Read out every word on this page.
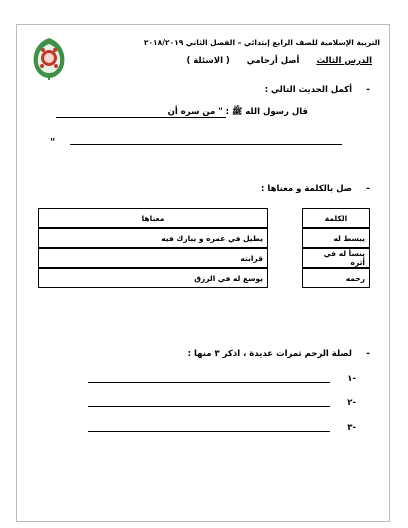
التربية الإسلامية للصف الرابع إبتدائي – الفصل الثاني ٢٠١٨/٢٠١٩
الدرس الثالث أصل أرحامي ( الاسئلة )
-
أكمل الحديث التالي :
قال رسول الله ﷺ : " من سره أن
"
-
صل بالكلمة و معناها :
معناها		الكلمة
يطيل في عمره و يبارك فيه		يبسط له
قرابته		ينسأ له في أثره
يوسع له في الرزق		رحمه
-
لصلة الرحم ثمرات عديدة ، اذكر ٣ منها :
-١
-٢
-٣
